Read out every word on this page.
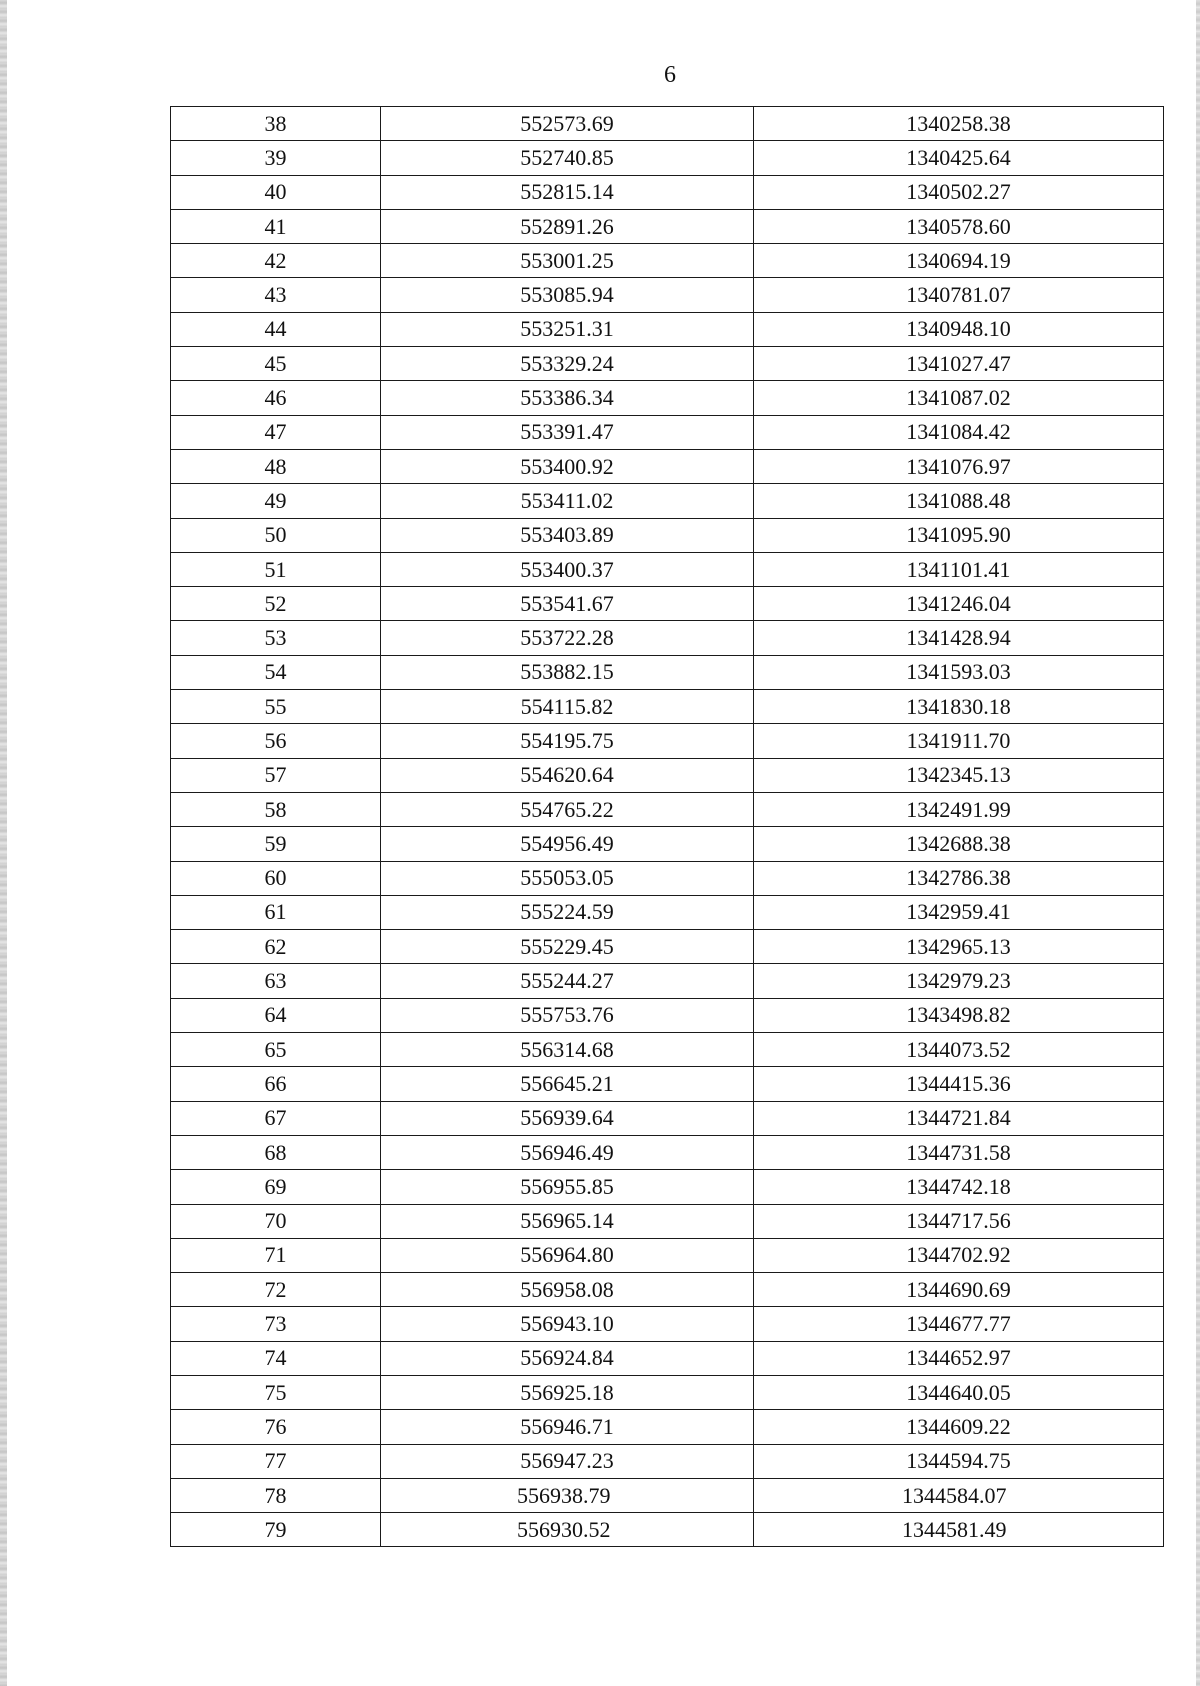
6
38	552573.69	1340258.38
39	552740.85	1340425.64
40	552815.14	1340502.27
41	552891.26	1340578.60
42	553001.25	1340694.19
43	553085.94	1340781.07
44	553251.31	1340948.10
45	553329.24	1341027.47
46	553386.34	1341087.02
47	553391.47	1341084.42
48	553400.92	1341076.97
49	553411.02	1341088.48
50	553403.89	1341095.90
51	553400.37	1341101.41
52	553541.67	1341246.04
53	553722.28	1341428.94
54	553882.15	1341593.03
55	554115.82	1341830.18
56	554195.75	1341911.70
57	554620.64	1342345.13
58	554765.22	1342491.99
59	554956.49	1342688.38
60	555053.05	1342786.38
61	555224.59	1342959.41
62	555229.45	1342965.13
63	555244.27	1342979.23
64	555753.76	1343498.82
65	556314.68	1344073.52
66	556645.21	1344415.36
67	556939.64	1344721.84
68	556946.49	1344731.58
69	556955.85	1344742.18
70	556965.14	1344717.56
71	556964.80	1344702.92
72	556958.08	1344690.69
73	556943.10	1344677.77
74	556924.84	1344652.97
75	556925.18	1344640.05
76	556946.71	1344609.22
77	556947.23	1344594.75
78	556938.79	1344584.07
79	556930.52	1344581.49
